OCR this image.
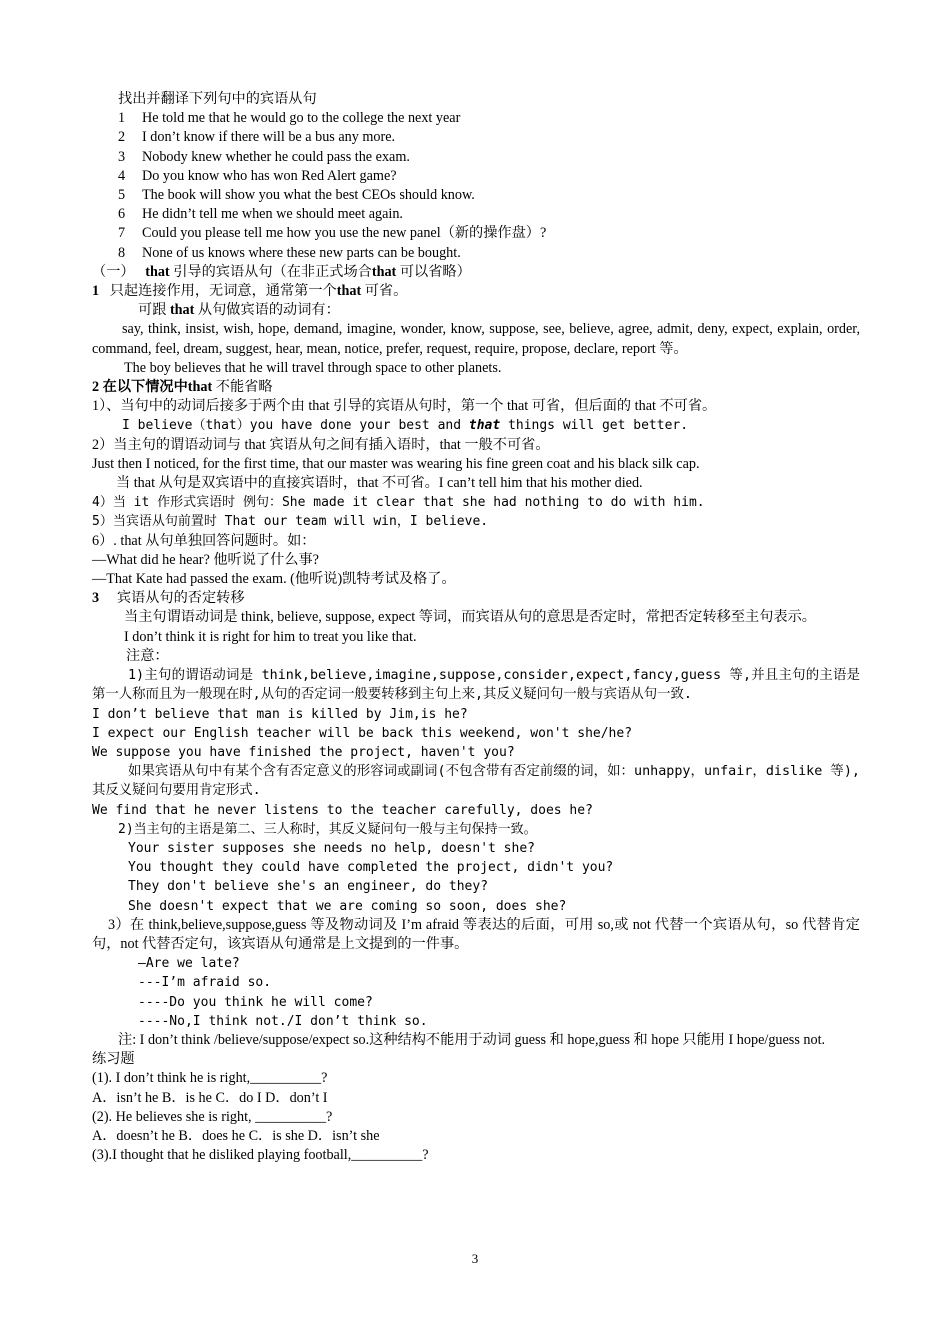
找出并翻译下列句中的宾语从句
1 He told me that he would go to the college the next year
2 I don’t know if there will be a bus any more.
3 Nobody knew whether he could pass the exam.
4 Do you know who has won Red Alert game?
5 The book will show you what the best CEOs should know.
6 He didn’t tell me when we should meet again.
7 Could you please tell me how you use the new panel（新的操作盘）?
8 None of us knows where these new parts can be bought.
（一） that 引导的宾语从句（在非正式场合that 可以省略）
1 只起连接作用，无词意，通常第一个that 可省。
可跟 that 从句做宾语的动词有：
say, think, insist, wish, hope, demand, imagine, wonder, know, suppose, see, believe, agree, admit, deny, expect, explain, order, command, feel, dream, suggest, hear, mean, notice, prefer, request, require, propose, declare, report 等。
The boy believes that he will travel through space to other planets.
2 在以下情况中that 不能省略
1）、当句中的动词后接多于两个由 that 引导的宾语从句时，第一个 that 可省，但后面的 that 不可省。
I believe（that）you have done your best and that things will get better.
2）当主句的谓语动词与 that 宾语从句之间有插入语时，that 一般不可省。
Just then I noticed, for the first time, that our master was wearing his fine green coat and his black silk cap.
当 that 从句是双宾语中的直接宾语时，that 不可省。I can’t tell him that his mother died.
4）当 it 作形式宾语时 例句：She made it clear that she had nothing to do with him.
5）当宾语从句前置时 That our team will win，I believe.
6）. that 从句单独回答问题时。如：
—What did he hear? 他听说了什么事?
—That Kate had passed the exam. (他听说)凯特考试及格了。
3 宾语从句的否定转移
当主句谓语动词是 think, believe, suppose, expect 等词，而宾语从句的意思是否定时，常把否定转移至主句表示。
I don’t think it is right for him to treat you like that.
注意：
1)主句的谓语动词是 think,believe,imagine,suppose,consider,expect,fancy,guess 等,并且主句的主语是第一人称而且为一般现在时,从句的否定词一般要转移到主句上来,其反义疑问句一般与宾语从句一致.
I don’t believe that man is killed by Jim,is he?
I expect our English teacher will be back this weekend, won't she/he?
We suppose you have finished the project, haven't you?
如果宾语从句中有某个含有否定意义的形容词或副词(不包含带有否定前缀的词，如：unhappy，unfair，dislike 等),其反义疑问句要用肯定形式.
We find that he never listens to the teacher carefully, does he?
2)当主句的主语是第二、三人称时，其反义疑问句一般与主句保持一致。
Your sister supposes she needs no help, doesn't she?
You thought they could have completed the project, didn't you?
They don't believe she's an engineer, do they?
She doesn't expect that we are coming so soon, does she?
3）在 think,believe,suppose,guess 等及物动词及 I’m afraid 等表达的后面，可用 so,或 not 代替一个宾语从句，so 代替肯定句，not 代替否定句，该宾语从句通常是上文提到的一件事。
—Are we late?
---I’m afraid so.
----Do you think he will come?
----No,I think not./I don’t think so.
注: I don’t think /believe/suppose/expect so.这种结构不能用于动词 guess 和 hope,guess 和 hope 只能用 I hope/guess not.
练习题
(1). I don’t think he is right,__________?
A．isn’t he B．is he C．do I D．don’t I
(2). He believes she is right, __________?
A．doesn’t he B．does he C．is she D．isn’t she
(3).I thought that he disliked playing football,__________?
3
